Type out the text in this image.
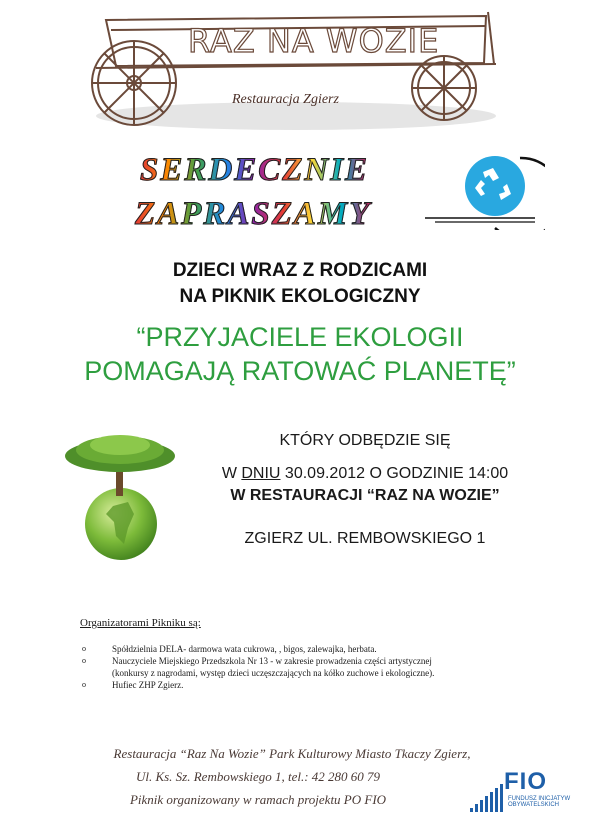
RAZ NA WOZIE
Restauracja Zgierz
SERDECZNIE
ZAPRASZAMY
DZIECI WRAZ Z RODZICAMI
NA PIKNIK EKOLOGICZNY
“PRZYJACIELE EKOLOGII
POMAGAJĄ RATOWAĆ PLANETĘ”
KTÓRY ODBĘDZIE SIĘ
W DNIU 30.09.2012 O GODZINIE 14:00
W RESTAURACJI “RAZ NA WOZIE”
ZGIERZ UL. REMBOWSKIEGO 1
Organizatorami Pikniku są:
o	Spółdzielnia DELA- darmowa wata cukrowa, , bigos, zalewajka, herbata.
o	Nauczyciele Miejskiego Przedszkola Nr 13 - w zakresie prowadzenia części artystycznej
(konkursy z nagrodami, występ dzieci uczęszczających na kółko zuchowe i ekologiczne).
o	Hufiec ZHP Zgierz.
Restauracja “Raz Na Wozie” Park Kulturowy Miasto Tkaczy Zgierz,
Ul. Ks. Sz. Rembowskiego 1, tel.: 42 280 60 79
Piknik organizowany w ramach projektu PO FIO
FIO
FUNDUSZ INICJATYW
OBYWATELSKICH
